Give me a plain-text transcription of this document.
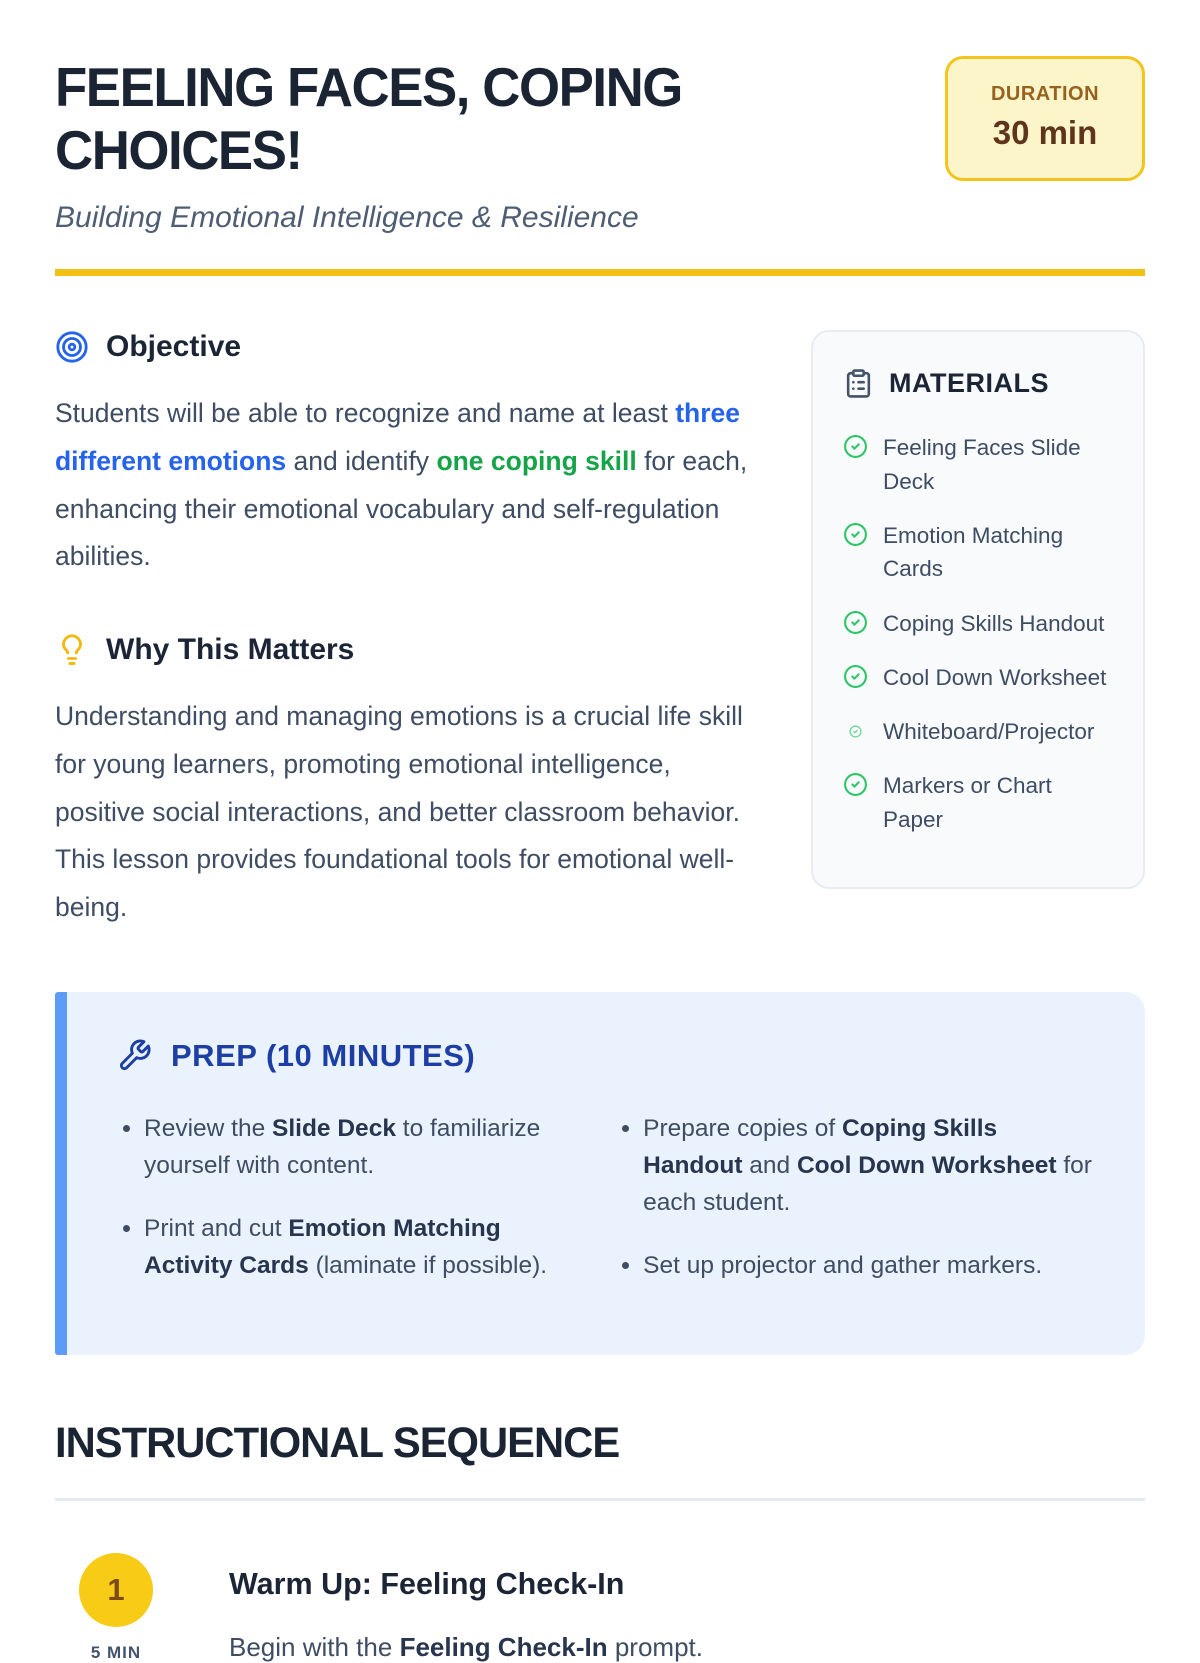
FEELING FACES, COPING CHOICES!

Building Emotional Intelligence & Resilience

DURATION
30 min
Objective

Students will be able to recognize and name at least three different emotions and identify one coping skill for each, enhancing their emotional vocabulary and self-regulation abilities.

Why This Matters

Understanding and managing emotions is a crucial life skill for young learners, promoting emotional intelligence, positive social interactions, and better classroom behavior. This lesson provides foundational tools for emotional well-being.

MATERIALS
Feeling Faces Slide Deck
Emotion Matching Cards
Coping Skills Handout
Cool Down Worksheet
Whiteboard/Projector
Markers or Chart Paper
PREP (10 MINUTES)
• Review the Slide Deck to familiarize yourself with content.
• Print and cut Emotion Matching Activity Cards (laminate if possible).
• Prepare copies of Coping Skills Handout and Cool Down Worksheet for each student.
• Set up projector and gather markers.
INSTRUCTIONAL SEQUENCE
1
5 MIN
Warm Up: Feeling Check-In

Begin with the Feeling Check-In prompt.
